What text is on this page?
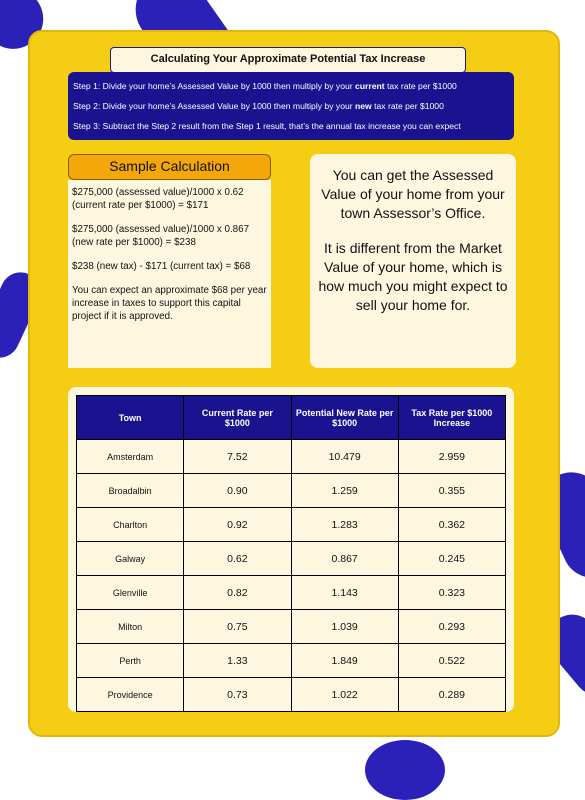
Calculating Your Approximate Potential Tax Increase
Step 1: Divide your home’s Assessed Value by 1000 then multiply by your current tax rate per $1000
Step 2: Divide your home’s Assessed Value by 1000 then multiply by your new tax rate per $1000
Step 3: Subtract the Step 2 result from the Step 1 result, that’s the annual tax increase you can expect
Sample Calculation

$275,000 (assessed value)/1000 x 0.62 (current rate per $1000) = $171

$275,000 (assessed value)/1000 x 0.867 (new rate per $1000) = $238

$238 (new tax) - $171 (current tax) = $68

You can expect an approximate $68 per year increase in taxes to support this capital project if it is approved.

You can get the Assessed Value of your home from your town Assessor’s Office.

It is different from the Market Value of your home, which is how much you might expect to sell your home for.

Town	Current Rate per $1000	Potential New Rate per $1000	Tax Rate per $1000 Increase
Amsterdam	7.52	10.479	2.959
Broadalbin	0.90	1.259	0.355
Charlton	0.92	1.283	0.362
Galway	0.62	0.867	0.245
Glenville	0.82	1.143	0.323
Milton	0.75	1.039	0.293
Perth	1.33	1.849	0.522
Providence	0.73	1.022	0.289
